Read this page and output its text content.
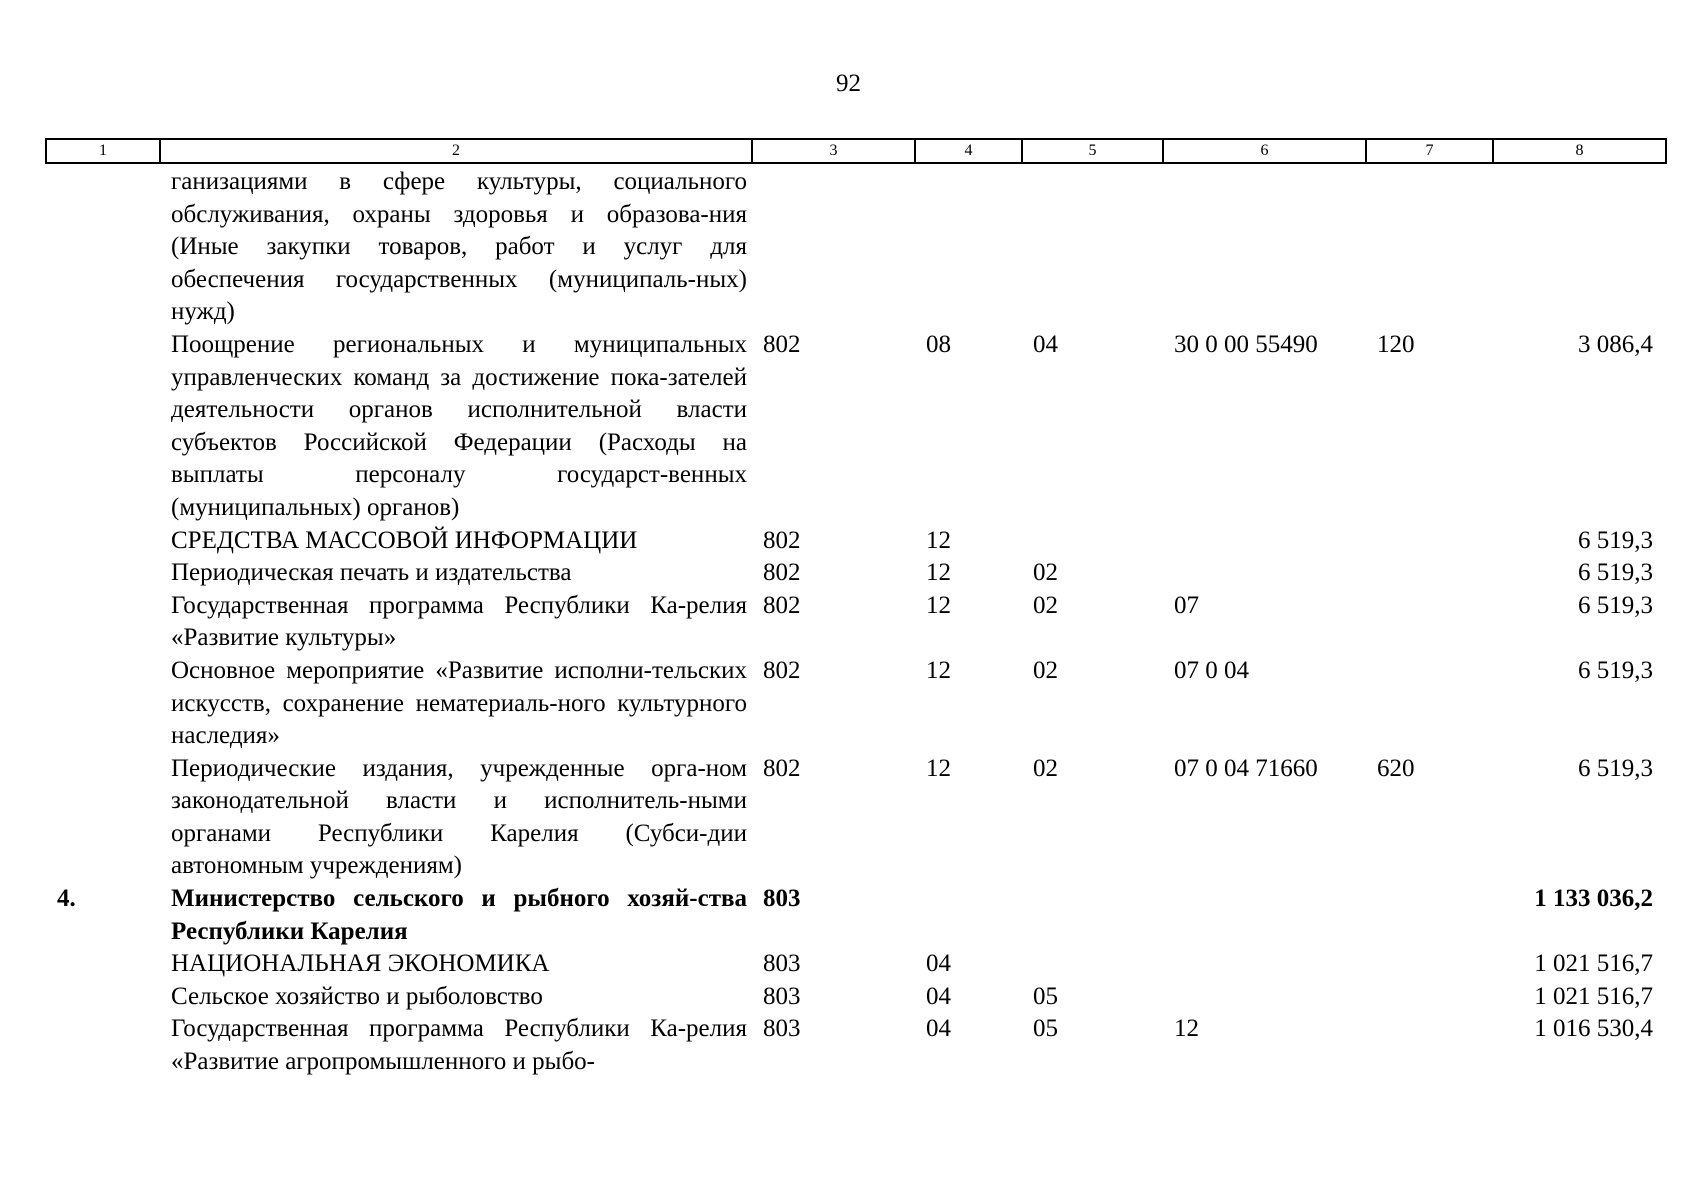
92
1	2	3	4	5	6	7	8
	ганизациями в сфере культуры, социального обслуживания, охраны здоровья и образова-ния (Иные закупки товаров, работ и услуг для обеспечения государственных (муниципаль-ных) нужд)						
	Поощрение региональных и муниципальных управленческих команд за достижение пока-зателей деятельности органов исполнительной власти субъектов Российской Федерации (Расходы на выплаты персоналу государст-венных (муниципальных) органов)	802	08	04	30 0 00 55490	120	3 086,4
	СРЕДСТВА МАССОВОЙ ИНФОРМАЦИИ	802	12				6 519,3
	Периодическая печать и издательства	802	12	02			6 519,3
	Государственная программа Республики Ка-релия «Развитие культуры»	802	12	02	07		6 519,3
	Основное мероприятие «Развитие исполни-тельских искусств, сохранение нематериаль-ного культурного наследия»	802	12	02	07 0 04		6 519,3
	Периодические издания, учрежденные орга-ном законодательной власти и исполнитель-ными органами Республики Карелия (Субси-дии автономным учреждениям)	802	12	02	07 0 04 71660	620	6 519,3
4.	Министерство сельского и рыбного хозяй-ства Республики Карелия	803					1 133 036,2
	НАЦИОНАЛЬНАЯ ЭКОНОМИКА	803	04				1 021 516,7
	Сельское хозяйство и рыболовство	803	04	05			1 021 516,7
	Государственная программа Республики Ка-релия «Развитие агропромышленного и рыбо-	803	04	05	12		1 016 530,4
